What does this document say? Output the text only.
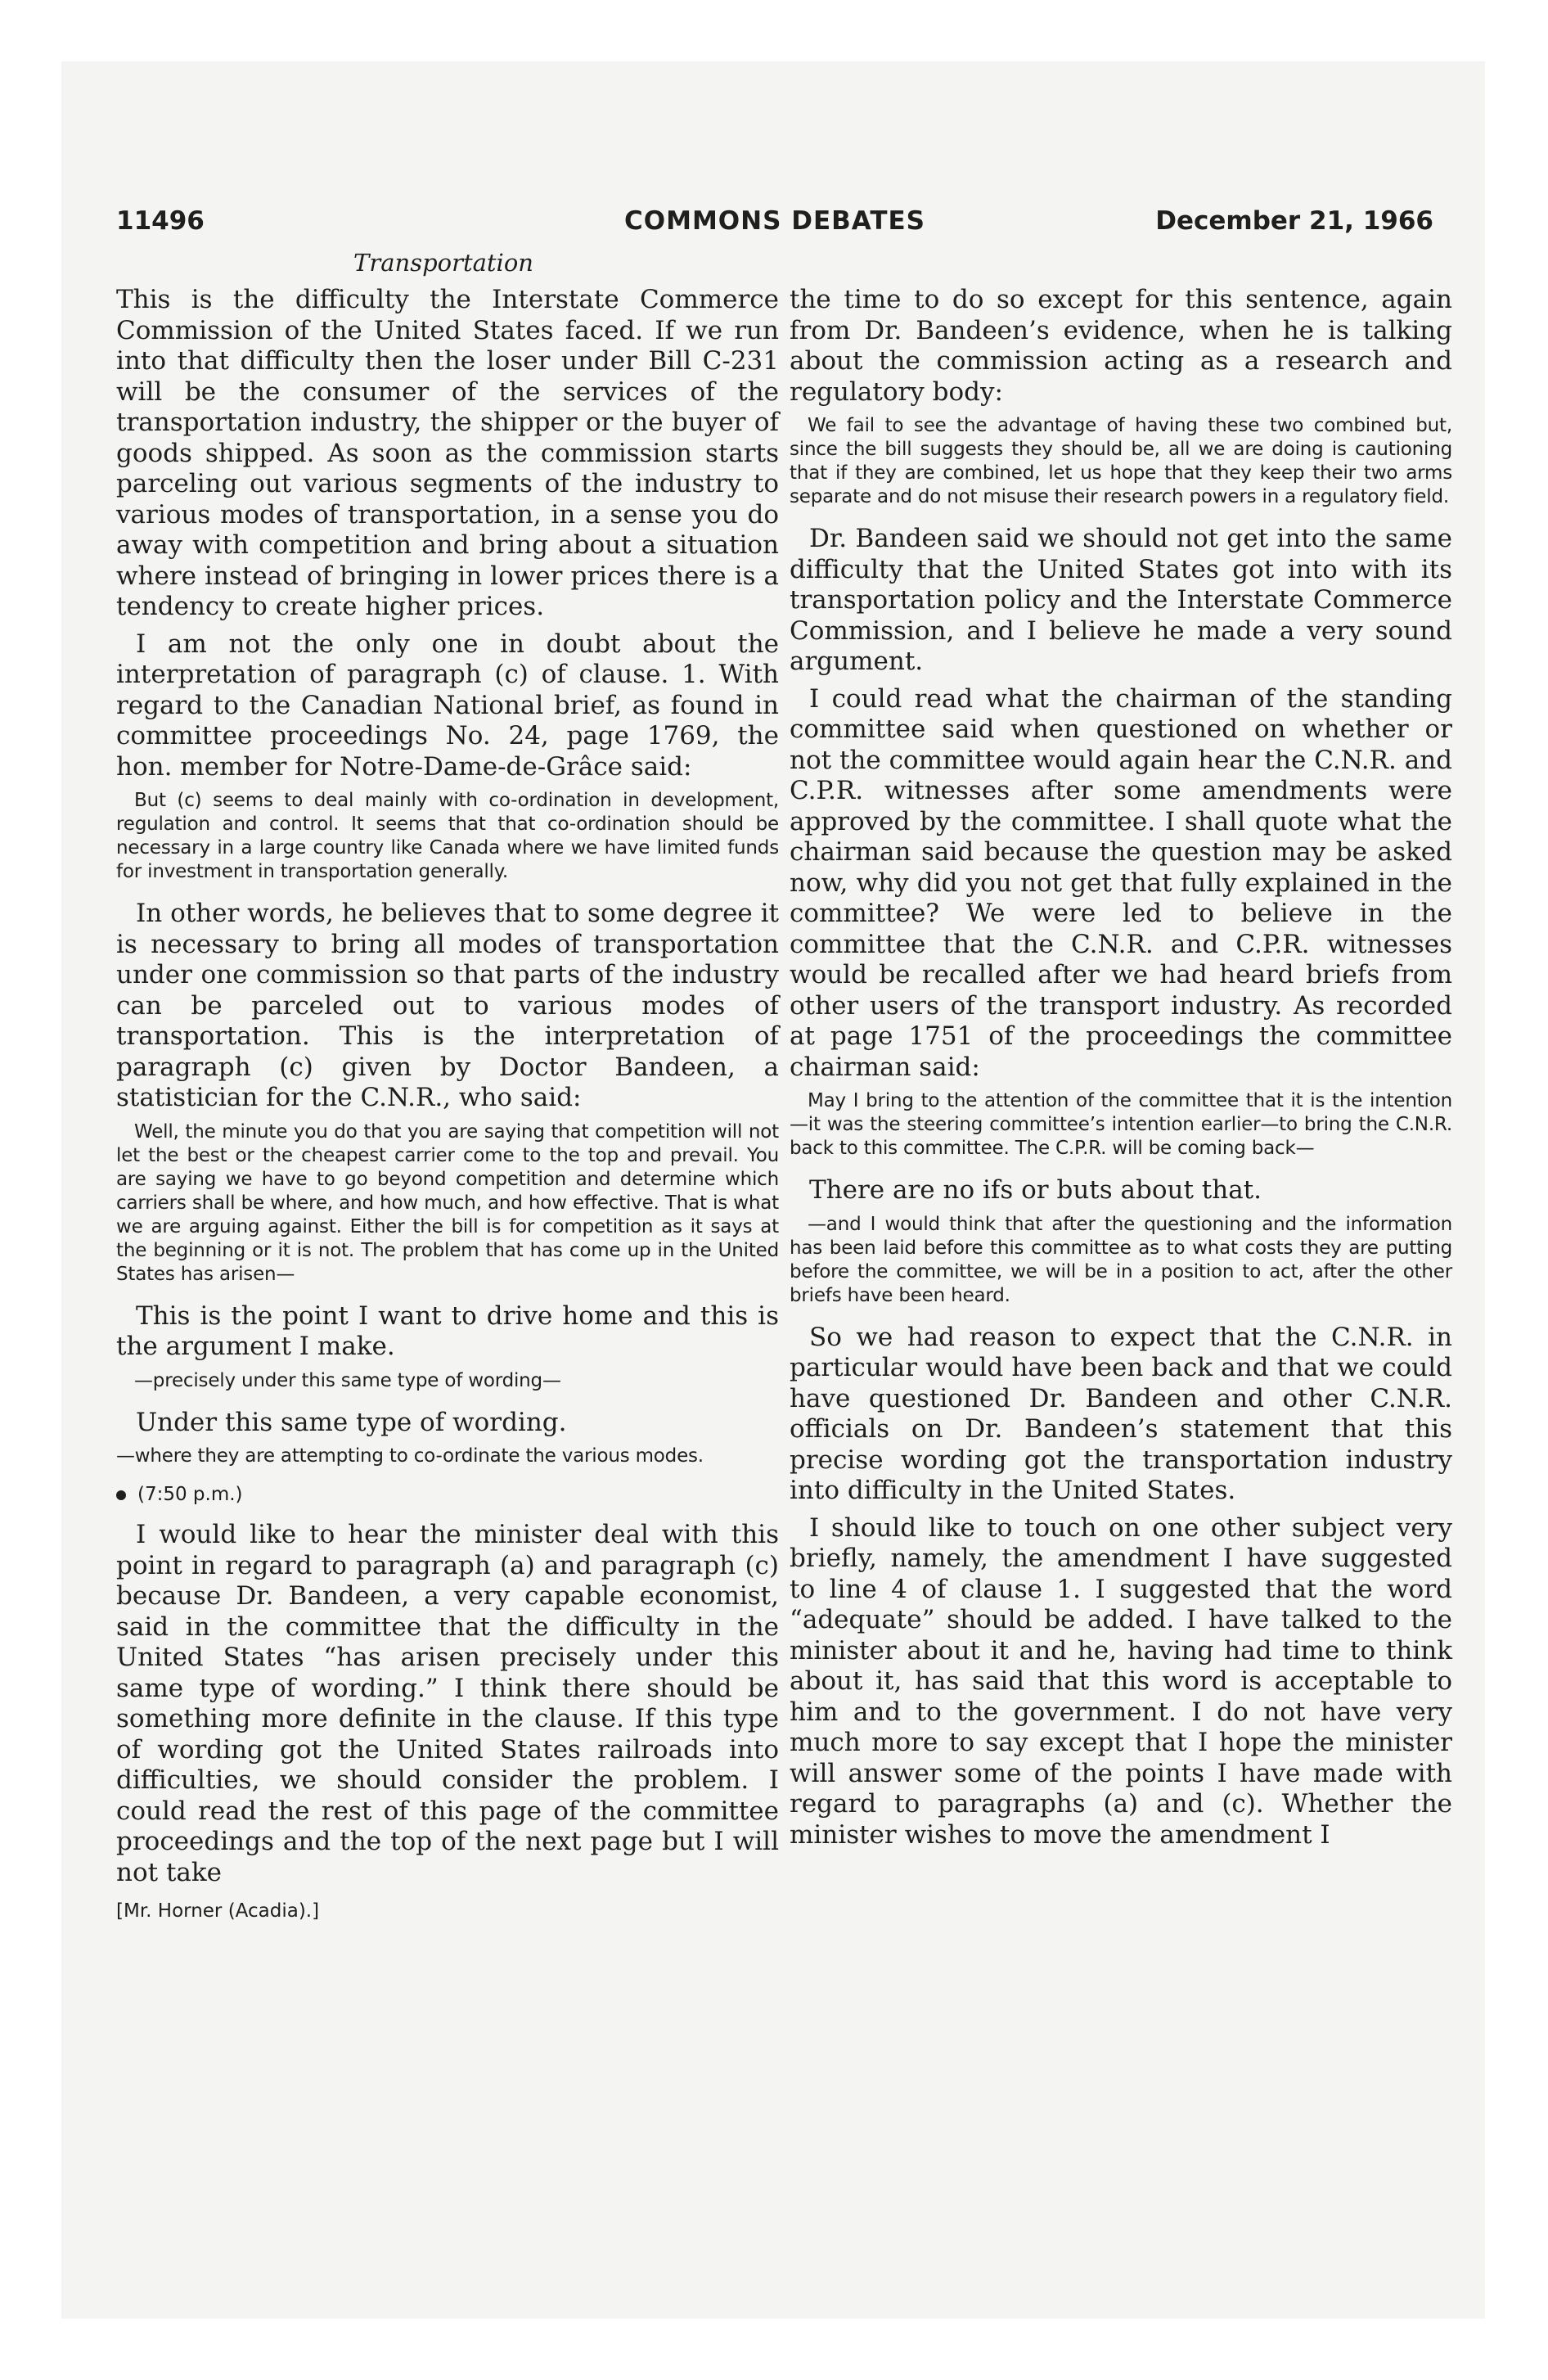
11496	COMMONS DEBATES	December 21, 1966
Transportation

This is the difficulty the Interstate Commerce Commission of the United States faced. If we run into that difficulty then the loser under Bill C-231 will be the consumer of the services of the transportation industry, the shipper or the buyer of goods shipped. As soon as the commission starts parceling out various segments of the industry to various modes of transportation, in a sense you do away with competition and bring about a situation where instead of bringing in lower prices there is a tendency to create higher prices.

I am not the only one in doubt about the interpretation of paragraph (c) of clause. 1. With regard to the Canadian National brief, as found in committee proceedings No. 24, page 1769, the hon. member for Notre-Dame-de-Grâce said:

But (c) seems to deal mainly with co-ordination in development, regulation and control. It seems that that co-ordination should be necessary in a large country like Canada where we have limited funds for investment in transportation generally.

In other words, he believes that to some degree it is necessary to bring all modes of transportation under one commission so that parts of the industry can be parceled out to various modes of transportation. This is the interpretation of paragraph (c) given by Doctor Bandeen, a statistician for the C.N.R., who said:

Well, the minute you do that you are saying that competition will not let the best or the cheapest carrier come to the top and prevail. You are saying we have to go beyond competition and determine which carriers shall be where, and how much, and how effective. That is what we are arguing against. Either the bill is for competition as it says at the beginning or it is not. The problem that has come up in the United States has arisen—

This is the point I want to drive home and this is the argument I make.

—precisely under this same type of wording—

Under this same type of wording.

—where they are attempting to co-ordinate the various modes.

(7:50 p.m.)

I would like to hear the minister deal with this point in regard to paragraph (a) and paragraph (c) because Dr. Bandeen, a very capable economist, said in the committee that the difficulty in the United States “has arisen precisely under this same type of wording.” I think there should be something more definite in the clause. If this type of wording got the United States railroads into difficulties, we should consider the problem. I could read the rest of this page of the committee proceedings and the top of the next page but I will not take

[Mr. Horner (Acadia).]

the time to do so except for this sentence, again from Dr. Bandeen’s evidence, when he is talking about the commission acting as a research and regulatory body:

We fail to see the advantage of having these two combined but, since the bill suggests they should be, all we are doing is cautioning that if they are combined, let us hope that they keep their two arms separate and do not misuse their research powers in a regulatory field.

Dr. Bandeen said we should not get into the same difficulty that the United States got into with its transportation policy and the Interstate Commerce Commission, and I believe he made a very sound argument.

I could read what the chairman of the standing committee said when questioned on whether or not the committee would again hear the C.N.R. and C.P.R. witnesses after some amendments were approved by the committee. I shall quote what the chairman said because the question may be asked now, why did you not get that fully explained in the committee? We were led to believe in the committee that the C.N.R. and C.P.R. witnesses would be recalled after we had heard briefs from other users of the transport industry. As recorded at page 1751 of the proceedings the committee chairman said:

May I bring to the attention of the committee that it is the intention—it was the steering committee’s intention earlier—to bring the C.N.R. back to this committee. The C.P.R. will be coming back—

There are no ifs or buts about that.

—and I would think that after the questioning and the information has been laid before this committee as to what costs they are putting before the committee, we will be in a position to act, after the other briefs have been heard.

So we had reason to expect that the C.N.R. in particular would have been back and that we could have questioned Dr. Bandeen and other C.N.R. officials on Dr. Bandeen’s statement that this precise wording got the transportation industry into difficulty in the United States.

I should like to touch on one other subject very briefly, namely, the amendment I have suggested to line 4 of clause 1. I suggested that the word “adequate” should be added. I have talked to the minister about it and he, having had time to think about it, has said that this word is acceptable to him and to the government. I do not have very much more to say except that I hope the minister will answer some of the points I have made with regard to paragraphs (a) and (c). Whether the minister wishes to move the amendment I
